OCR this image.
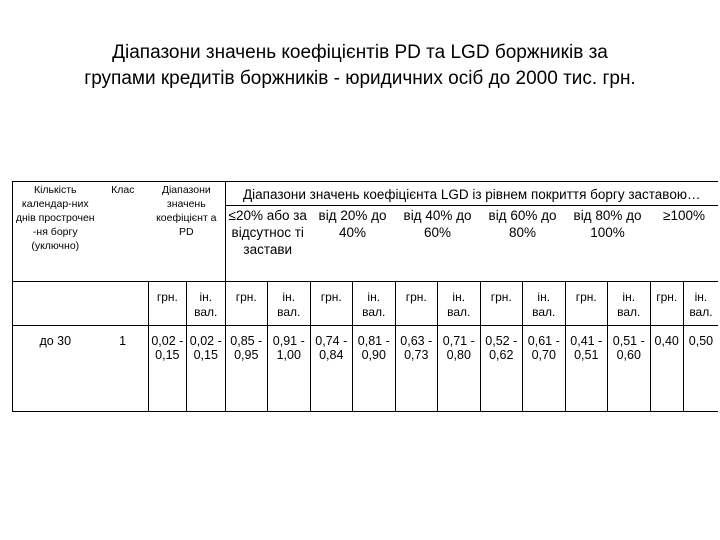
Діапазони значень коефіцієнтів PD та LGD боржників за
групами кредитів боржників - юридичних осіб до 2000 тис. грн.
Кількість календар-них днів прострочен -ня боргу (уключно)	Клас	Діапазони значень коефіцієнт а PD		Діапазони значень коефіцієнта LGD із рівнем покриття боргу заставою…											
				≤20% або за відсутнос ті застави		від 20% до 40%		від 40% до 60%		від 60% до 80%		від 80% до 100%		≥100%	
		грн.	ін. вал.	грн.	ін. вал.	грн.	ін. вал.	грн.	ін. вал.	грн.	ін. вал.	грн.	ін. вал.	грн.	ін. вал.
до 30	1	0,02 - 0,15	0,02 - 0,15	0,85 - 0,95	0,91 - 1,00	0,74 - 0,84	0,81 - 0,90	0,63 - 0,73	0,71 - 0,80	0,52 - 0,62	0,61 - 0,70	0,41 - 0,51	0,51 - 0,60	0,40	0,50
